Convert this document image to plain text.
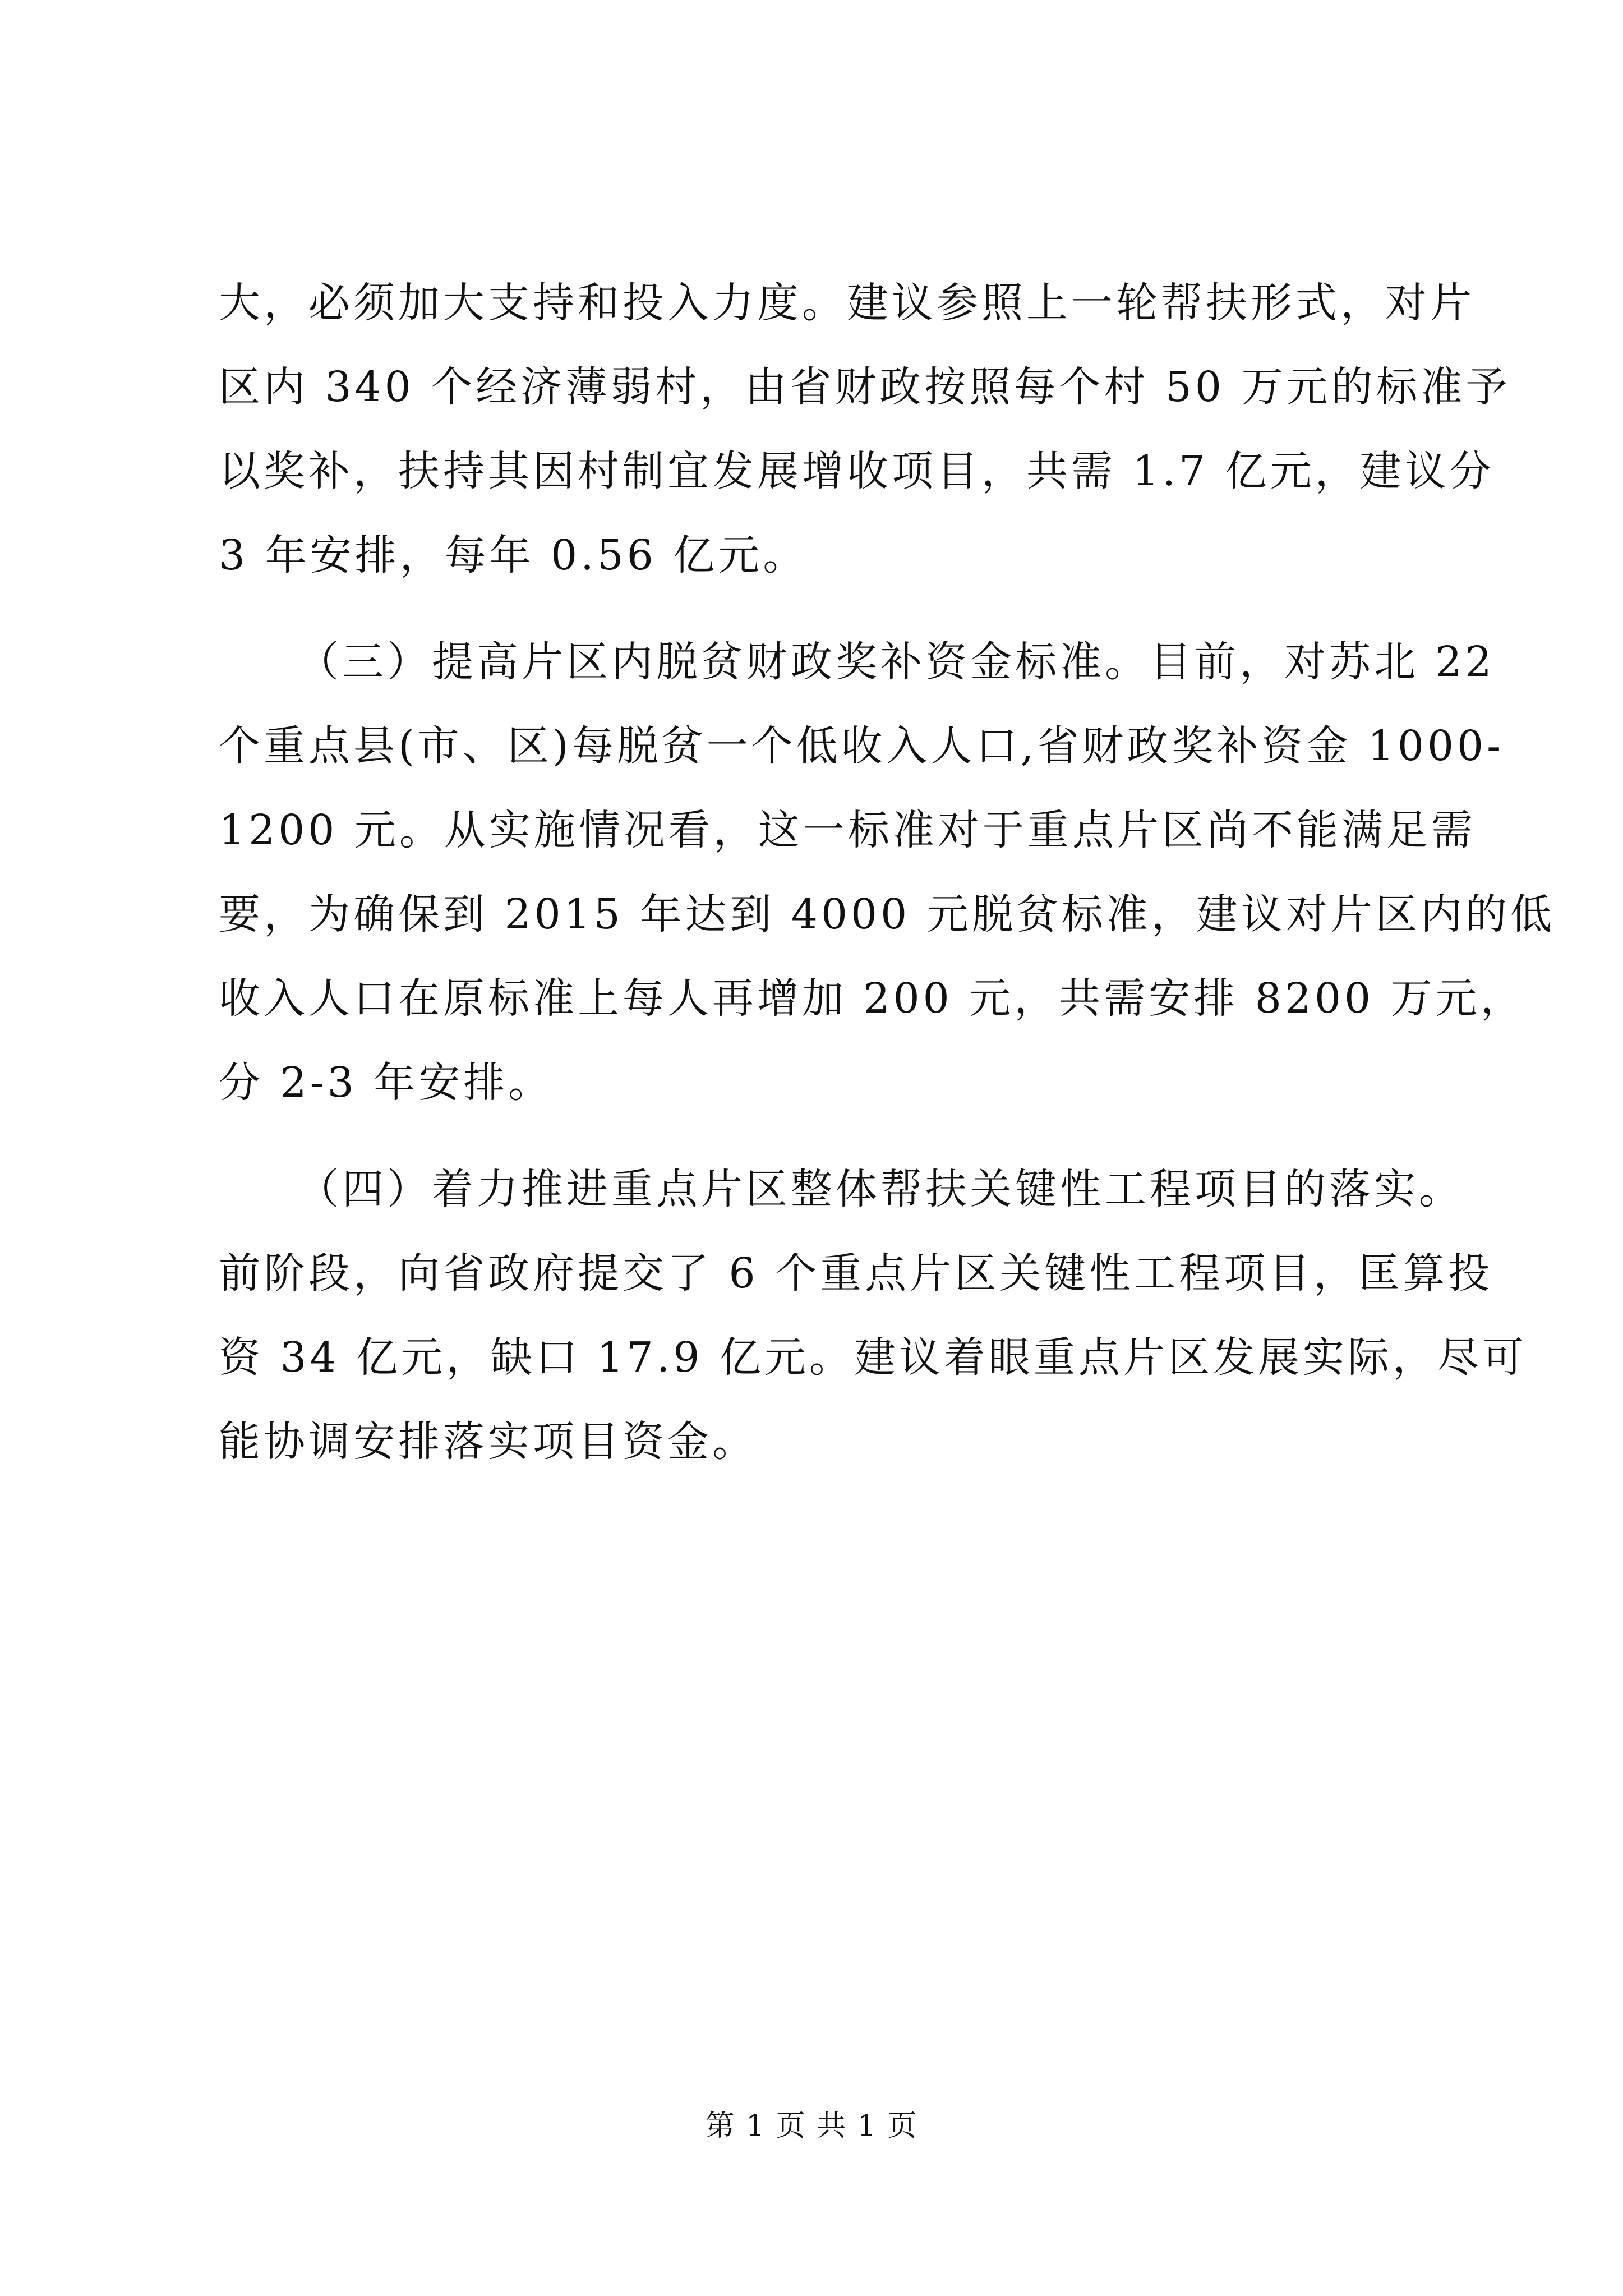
大，必须加大支持和投入力度。建议参照上一轮帮扶形式，对片
区内 340 个经济薄弱村，由省财政按照每个村 50 万元的标准予
以奖补，扶持其因村制宜发展增收项目，共需 1.7 亿元，建议分
3 年安排，每年 0.56 亿元。
（三）提高片区内脱贫财政奖补资金标准。目前，对苏北 22
个重点县(市、区)每脱贫一个低收入人口,省财政奖补资金 1000-
1200 元。从实施情况看，这一标准对于重点片区尚不能满足需
要，为确保到 2015 年达到 4000 元脱贫标准，建议对片区内的低
收入人口在原标准上每人再增加 200 元，共需安排 8200 万元，
分 2-3 年安排。
（四）着力推进重点片区整体帮扶关键性工程项目的落实。
前阶段，向省政府提交了 6 个重点片区关键性工程项目，匡算投
资 34 亿元，缺口 17.9 亿元。建议着眼重点片区发展实际，尽可
能协调安排落实项目资金。
第 1 页 共 1 页
